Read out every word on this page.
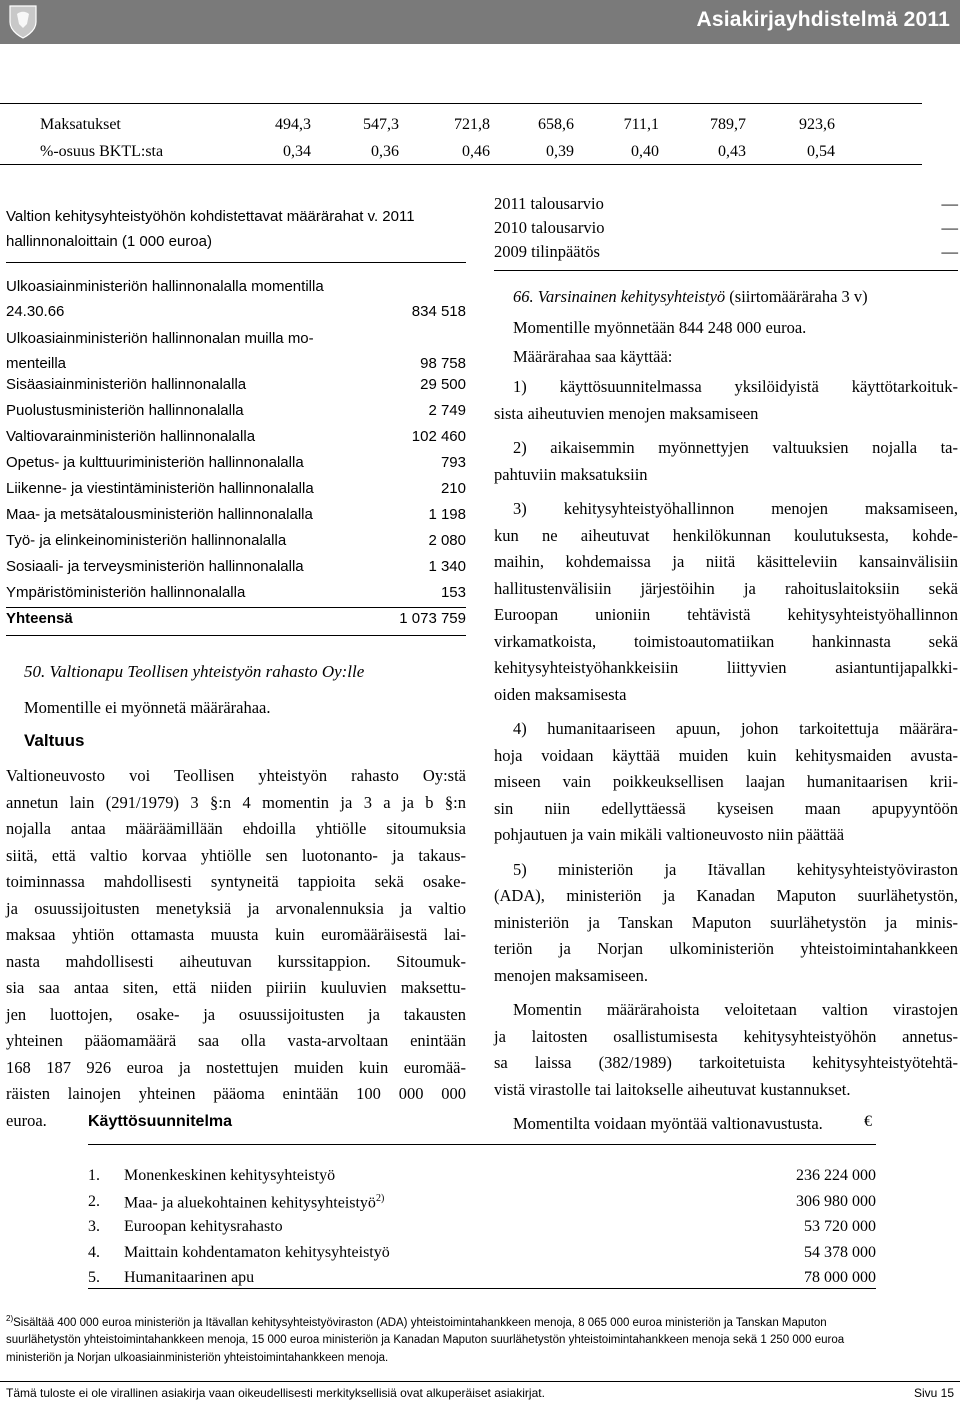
Asiakirjayhdistelmä 2011
Maksatukset	494,3	547,3	721,8	658,6	711,1	789,7	923,6
%-osuus BKTL:sta	0,34	0,36	0,46	0,39	0,40	0,43	0,54
Valtion kehitysyhteistyöhön kohdistettavat määrärahat v. 2011 hallinnonaloittain (1 000 euroa)
Ulkoasiainministeriön hallinnonalalla momentilla
24.30.66	834 518
Ulkoasiainministeriön hallinnonalan muilla mo-
menteilla	98 758
Sisäasiainministeriön hallinnonalalla	29 500
Puolustusministeriön hallinnonalalla	2 749
Valtiovarainministeriön hallinnonalalla	102 460
Opetus- ja kulttuuriministeriön hallinnonalalla	793
Liikenne- ja viestintäministeriön hallinnonalalla	210
Maa- ja metsätalousministeriön hallinnonalalla	1 198
Työ- ja elinkeinoministeriön hallinnonalalla	2 080
Sosiaali- ja terveysministeriön hallinnonalalla	1 340
Ympäristöministeriön hallinnonalalla	153
Yhteensä	1 073 759
50. Valtionapu Teollisen yhteistyön rahasto Oy:lle
Momentille ei myönnetä määrärahaa.
Valtuus
Valtioneuvosto voi Teollisen yhteistyön rahasto Oy:stä
annetun lain (291/1979) 3 §:n 4 momentin ja 3 a ja b §:n
nojalla antaa määräämillään ehdoilla yhtiölle sitoumuksia
siitä, että valtio korvaa yhtiölle sen luotonanto- ja takaus-
toiminnassa mahdollisesti syntyneitä tappioita sekä osake-
ja osuussijoitusten menetyksiä ja arvonalennuksia ja valtio
maksaa yhtiön ottamasta muusta kuin euromääräisestä lai-
nasta mahdollisesti aiheutuvan kurssitappion. Sitoumuk-
sia saa antaa siten, että niiden piiriin kuuluvien maksettu-
jen luottojen, osake- ja osuussijoitusten ja takausten
yhteinen pääomamäärä saa olla vasta-arvoltaan enintään
168 187 926 euroa ja nostettujen muiden kuin euromää-
räisten lainojen yhteinen pääoma enintään 100 000 000
euroa.
2011 talousarvio	—
2010 talousarvio	—
2009 tilinpäätös	—
66. Varsinainen kehitysyhteistyö (siirtomääräraha 3 v)
Momentille myönnetään 844 248 000 euroa.
Määrärahaa saa käyttää:
1) käyttösuunnitelmassa yksilöidyistä käyttötarkoituk-
sista aiheutuvien menojen maksamiseen
2) aikaisemmin myönnettyjen valtuuksien nojalla ta-
pahtuviin maksatuksiin
3) kehitysyhteistyöhallinnon menojen maksamiseen,
kun ne aiheutuvat henkilökunnan koulutuksesta, kohde-
maihin, kohdemaissa ja niitä käsitteleviin kansainvälisiin
hallitustenvälisiin järjestöihin ja rahoituslaitoksiin sekä
Euroopan unioniin tehtävistä kehitysyhteistyöhallinnon
virkamatkoista, toimistoautomatiikan hankinnasta sekä
kehitysyhteistyöhankkeisiin liittyvien asiantuntijapalkki-
oiden maksamisesta
4) humanitaariseen apuun, johon tarkoitettuja määrära-
hoja voidaan käyttää muiden kuin kehitysmaiden avusta-
miseen vain poikkeuksellisen laajan humanitaarisen krii-
sin niin edellyttäessä kyseisen maan apupyyntöön
pohjautuen ja vain mikäli valtioneuvosto niin päättää
5) ministeriön ja Itävallan kehitysyhteistyöviraston
(ADA), ministeriön ja Kanadan Maputon suurlähetystön,
ministeriön ja Tanskan Maputon suurlähetystön ja minis-
teriön ja Norjan ulkoministeriön yhteistoimintahankkeen
menojen maksamiseen.
Momentin määrärahoista veloitetaan valtion virastojen
ja laitosten osallistumisesta kehitysyhteistyöhön annetus-
sa laissa (382/1989) tarkoitetuista kehitysyhteistyötehtä-
vistä virastolle tai laitokselle aiheutuvat kustannukset.
Momentilta voidaan myöntää valtionavustusta.
Käyttösuunnitelma	€
1. Monenkeskinen kehitysyhteistyö	236 224 000
2. Maa- ja aluekohtainen kehitysyhteistyö$^{2)}$	306 980 000
3. Euroopan kehitysrahasto	53 720 000
4. Maittain kohdentamaton kehitysyhteistyö	54 378 000
5. Humanitaarinen apu	78 000 000
$^{2)}$Sisältää 400 000 euroa ministeriön ja Itävallan kehitysyhteistyöviraston (ADA) yhteistoimintahankkeen menoja, 8 065 000 euroa ministeriön ja Tanskan Maputon
suurlähetystön yhteistoimintahankkeen menoja, 15 000 euroa ministeriön ja Kanadan Maputon suurlähetystön yhteistoimintahankkeen menoja sekä 1 250 000 euroa
ministeriön ja Norjan ulkoasiainministeriön yhteistoimintahankkeen menoja.
Tämä tuloste ei ole virallinen asiakirja vaan oikeudellisesti merkityksellisiä ovat alkuperäiset asiakirjat.	Sivu 15
